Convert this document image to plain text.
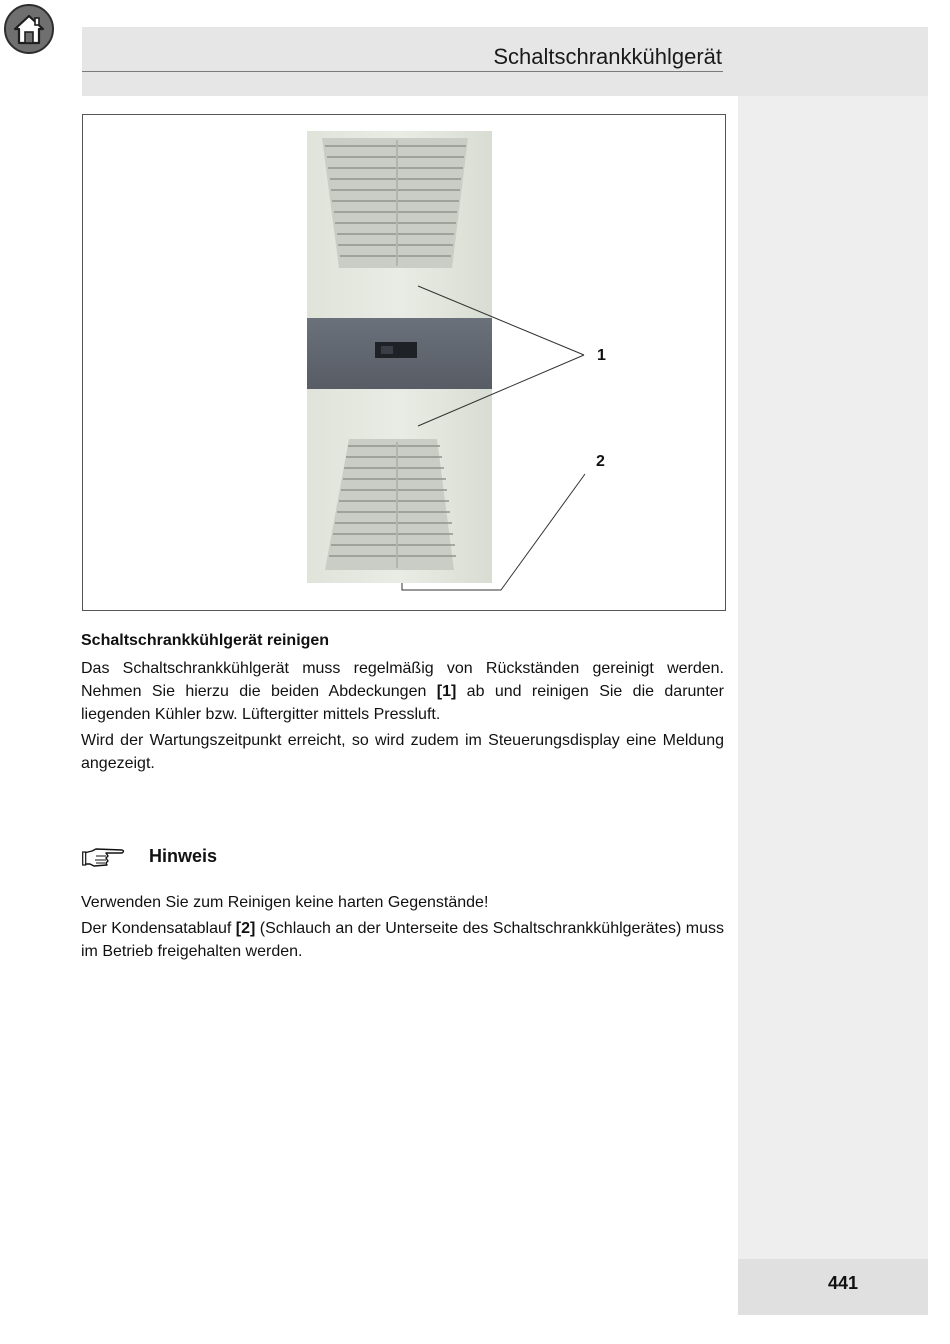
Schaltschrankkühlgerät
1
2
Schaltschrankkühlgerät reinigen

Das Schaltschrankkühlgerät muss regelmäßig von Rückständen gereinigt werden. Nehmen Sie hierzu die beiden Abdeckungen [1] ab und reinigen Sie die darunter liegenden Kühler bzw. Lüftergitter mittels Pressluft.

Wird der Wartungszeitpunkt erreicht, so wird zudem im Steuerungsdisplay eine Meldung angezeigt.

Hinweis

Verwenden Sie zum Reinigen keine harten Gegenstände!

Der Kondensatablauf [2] (Schlauch an der Unterseite des Schaltschrankkühlgerätes) muss im Betrieb freigehalten werden.

441
